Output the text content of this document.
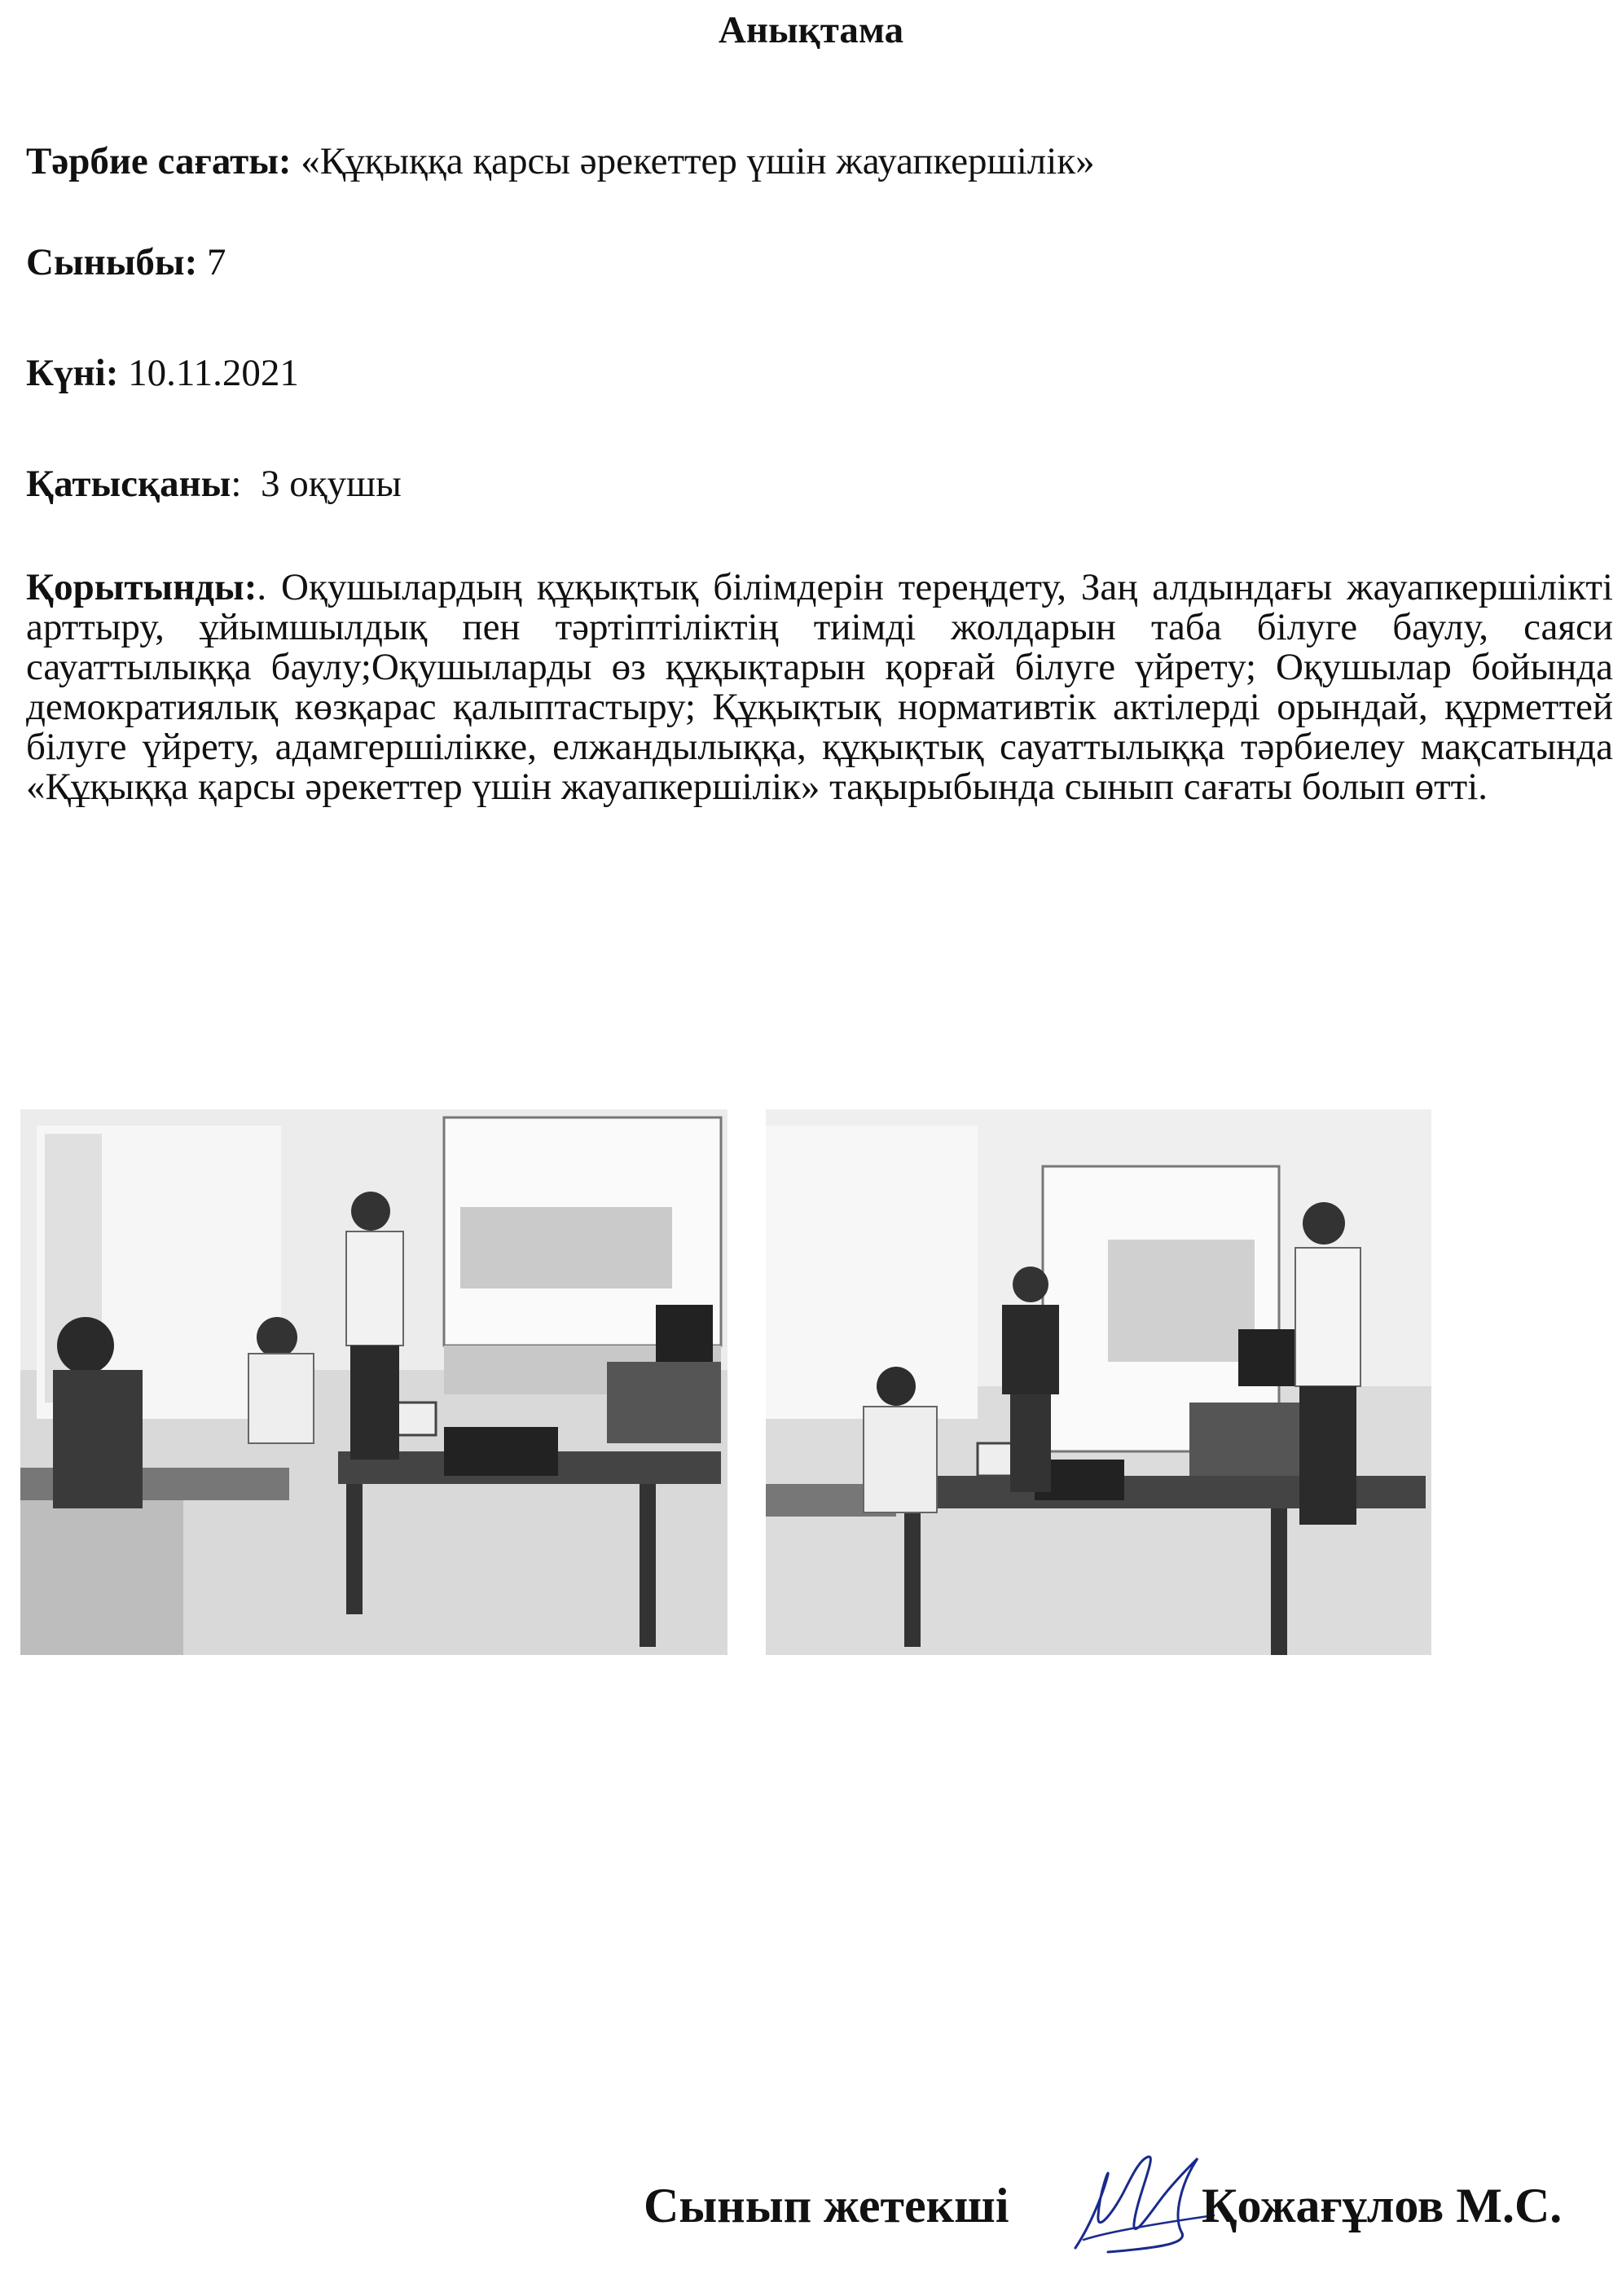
Анықтама
Тәрбие сағаты: «Құқыққа қарсы әрекеттер үшін жауапкершілік»
Сыныбы: 7
Күні: 10.11.2021
Қатысқаны: 3 оқушы
Қорытынды:. Оқушылардың құқықтық білімдерін тереңдету, Заң алдындағы жауапкершілікті арттыру, ұйымшылдық пен тәртіптіліктің тиімді жолдарын таба білуге баулу, саяси сауаттылыққа баулу;Оқушыларды өз құқықтарын қорғай білуге үйрету; Оқушылар бойында демократиялық көзқарас қалыптастыру; Құқықтық нормативтік актілерді орындай, құрметтей білуге үйрету, адамгершілікке, елжандылыққа, құқықтық сауаттылыққа тәрбиелеу мақсатында «Құқыққа қарсы әрекеттер үшін жауапкершілік» тақырыбында сынып сағаты болып өтті.
Сынып жетекші	Қожағұлов М.С.
